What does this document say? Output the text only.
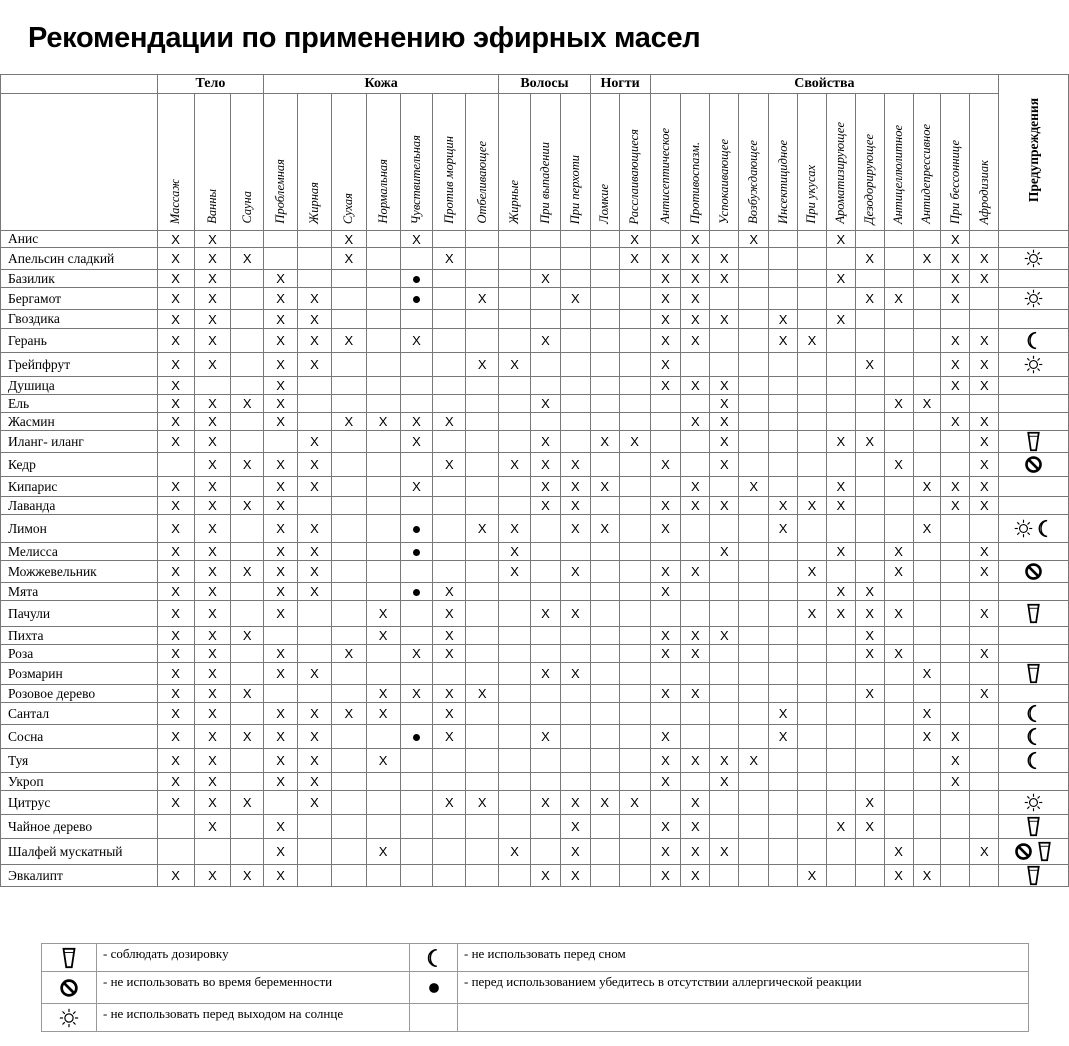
Рекомендации по применению эфирных масел
	Тело			Кожа							Волосы			Ногти		Свойства												Предупреждения

	Массаж	Ванны	Сауна	Проблемная	Жирная	Сухая	Нормальная	Чувствительная	Против морщин	Отбеливающее	Жирные	При выпадении	При перхоти	Ломкие	Расслаивающиеся	Антисептическое	Противоспазм.	Успокаивающее	Возбуждающее	Инсектицидное	При укусах	Ароматизирующее	Дезодорирующее	Антицеллюлитное	Антидепрессивное	При бессоннице	Афродизиак	

Анис	X	X				X		X							X		X		X			X				X		
Апельсин сладкий	X	X	X			X			X						X	X	X	X					X		X	X	X	
Базилик	X	X		X								X				X	X	X				X				X	X	
Бергамот	X	X		X	X					X			X			X	X						X	X		X		
Гвоздика	X	X		X	X											X	X	X		X		X						
Герань	X	X		X	X	X		X				X				X	X			X	X					X	X	
Грейпфрут	X	X		X	X					X	X					X							X			X	X	
Душица	X			X												X	X	X								X	X	
Ель	X	X	X	X								X						X						X	X			
Жасмин	X	X		X		X	X	X	X								X	X								X	X	
Иланг- иланг	X	X			X			X				X		X	X			X				X	X				X	
Кедр		X	X	X	X				X		X	X	X			X		X						X			X	
Кипарис	X	X		X	X			X				X	X	X			X		X			X			X	X	X	
Лаванда	X	X	X	X								X	X			X	X	X		X	X	X				X	X	
Лимон	X	X		X	X					X	X		X	X		X				X					X			
Мелисса	X	X		X	X						X							X				X		X			X	
Можжевельник	X	X	X	X	X						X		X			X	X				X			X			X	
Мята	X	X		X	X				X							X						X	X					
Пачули	X	X		X			X		X			X	X								X	X	X	X			X	
Пихта	X	X	X				X		X							X	X	X					X					
Роза	X	X		X		X		X	X							X	X						X	X			X	
Розмарин	X	X		X	X							X	X												X			
Розовое дерево	X	X	X				X	X	X	X						X	X						X				X	
Сантал	X	X		X	X	X	X		X											X					X			
Сосна	X	X	X	X	X				X			X				X				X					X	X		
Туя	X	X		X	X		X									X	X	X	X							X		
Укроп	X	X		X	X											X		X								X		
Цитрус	X	X	X		X				X	X		X	X	X	X		X						X					
Чайное дерево		X		X									X			X	X					X	X					
Шалфей мускатный				X			X				X		X			X	X	X						X			X	
Эвкалипт	X	X	X	X								X	X			X	X				X			X	X			
	- соблюдать дозировку		- не использовать перед сном
	- не использовать во время беременности		- перед использованием убедитесь в отсутствии аллергической реакции
	- не использовать перед выходом на солнце		
